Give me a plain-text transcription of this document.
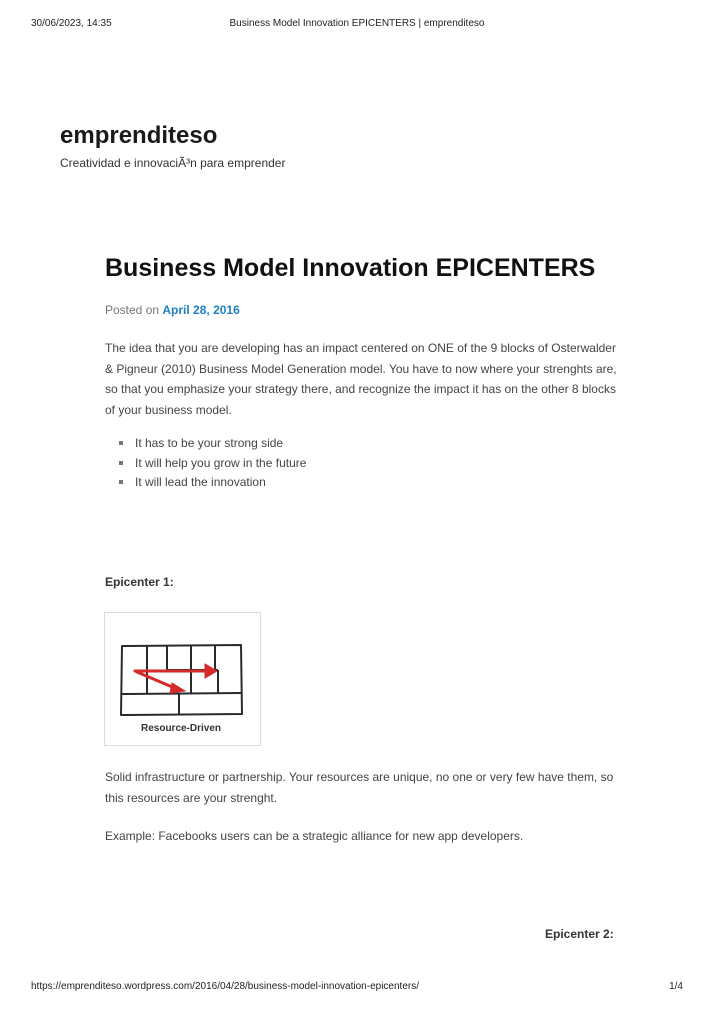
30/06/2023, 14:35	Business Model Innovation EPICENTERS | emprenditeso
emprenditeso
Creatividad e innovaciÃ³n para emprender
Business Model Innovation EPICENTERS
Posted on April 28, 2016

The idea that you are developing has an impact centered on ONE of the 9 blocks of Osterwalder & Pigneur (2010) Business Model Generation model. You have to now where your strenghts are, so that you emphasize your strategy there, and recognize the impact it has on the other 8 blocks of your business model.

It has to be your strong side
It will help you grow in the future
It will lead the innovation
Epicenter 1:
Resource-Driven

Solid infrastructure or partnership. Your resources are unique, no one or very few have them, so this resources are your strenght.

Example: Facebooks users can be a strategic alliance for new app developers.

Epicenter 2:
https://emprenditeso.wordpress.com/2016/04/28/business-model-innovation-epicenters/	1/4
